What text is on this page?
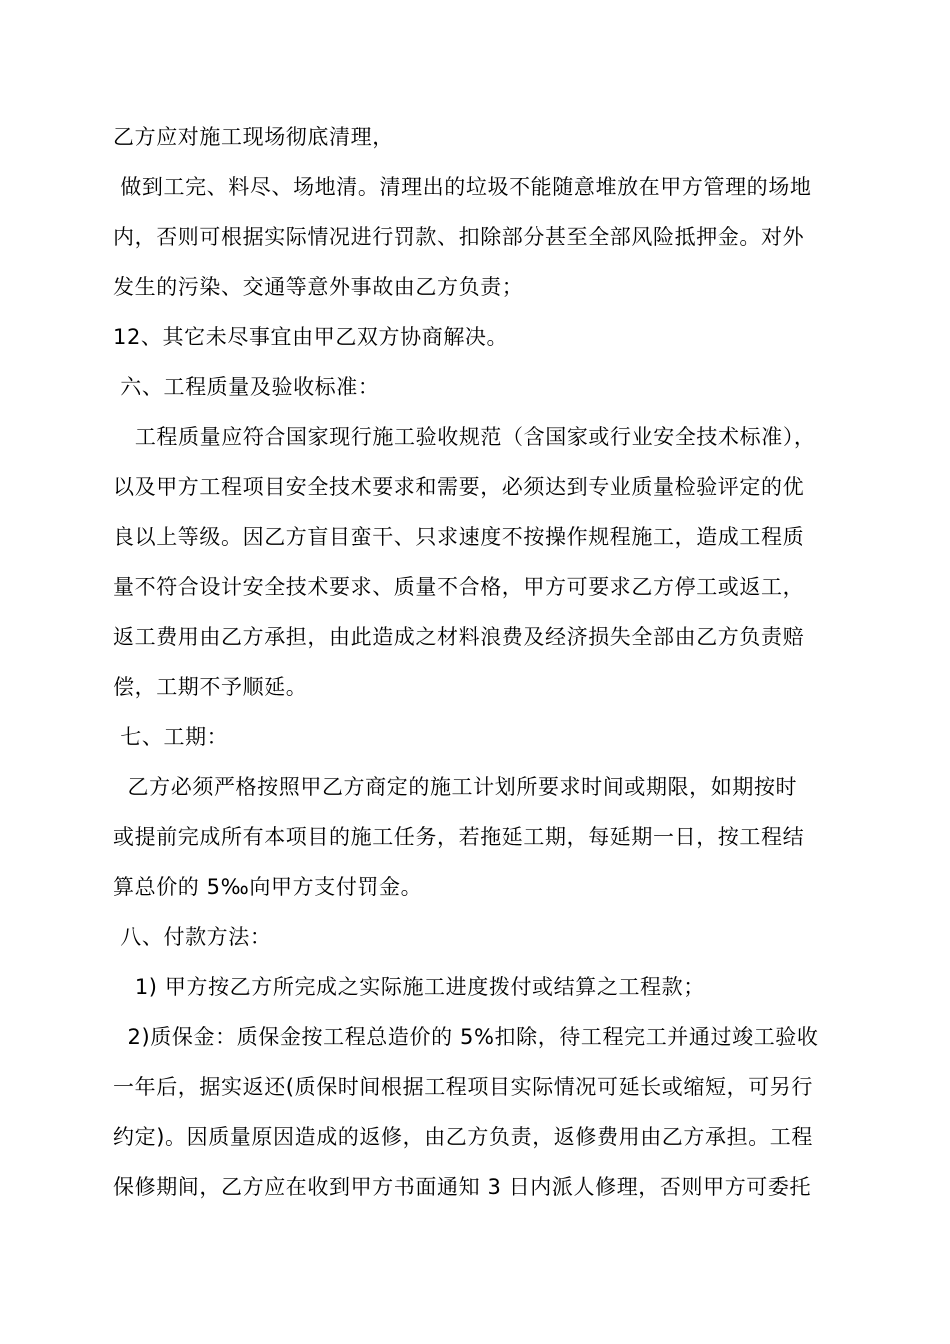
乙方应对施工现场彻底清理，
做到工完、料尽、场地清。清理出的垃圾不能随意堆放在甲方管理的场地
内，否则可根据实际情况进行罚款、扣除部分甚至全部风险抵押金。对外
发生的污染、交通等意外事故由乙方负责；
12、其它未尽事宜由甲乙双方协商解决。
六、工程质量及验收标准：
工程质量应符合国家现行施工验收规范（含国家或行业安全技术标准），
以及甲方工程项目安全技术要求和需要，必须达到专业质量检验评定的优
良以上等级。因乙方盲目蛮干、只求速度不按操作规程施工，造成工程质
量不符合设计安全技术要求、质量不合格，甲方可要求乙方停工或返工，
返工费用由乙方承担，由此造成之材料浪费及经济损失全部由乙方负责赔
偿，工期不予顺延。
七、工期：
乙方必须严格按照甲乙方商定的施工计划所要求时间或期限，如期按时
或提前完成所有本项目的施工任务，若拖延工期，每延期一日，按工程结
算总价的 5‰向甲方支付罚金。
八、付款方法：
1) 甲方按乙方所完成之实际施工进度拨付或结算之工程款；
2)质保金：质保金按工程总造价的 5%扣除，待工程完工并通过竣工验收
一年后，据实返还(质保时间根据工程项目实际情况可延长或缩短，可另行
约定)。因质量原因造成的返修，由乙方负责，返修费用由乙方承担。工程
保修期间，乙方应在收到甲方书面通知 3 日内派人修理，否则甲方可委托
